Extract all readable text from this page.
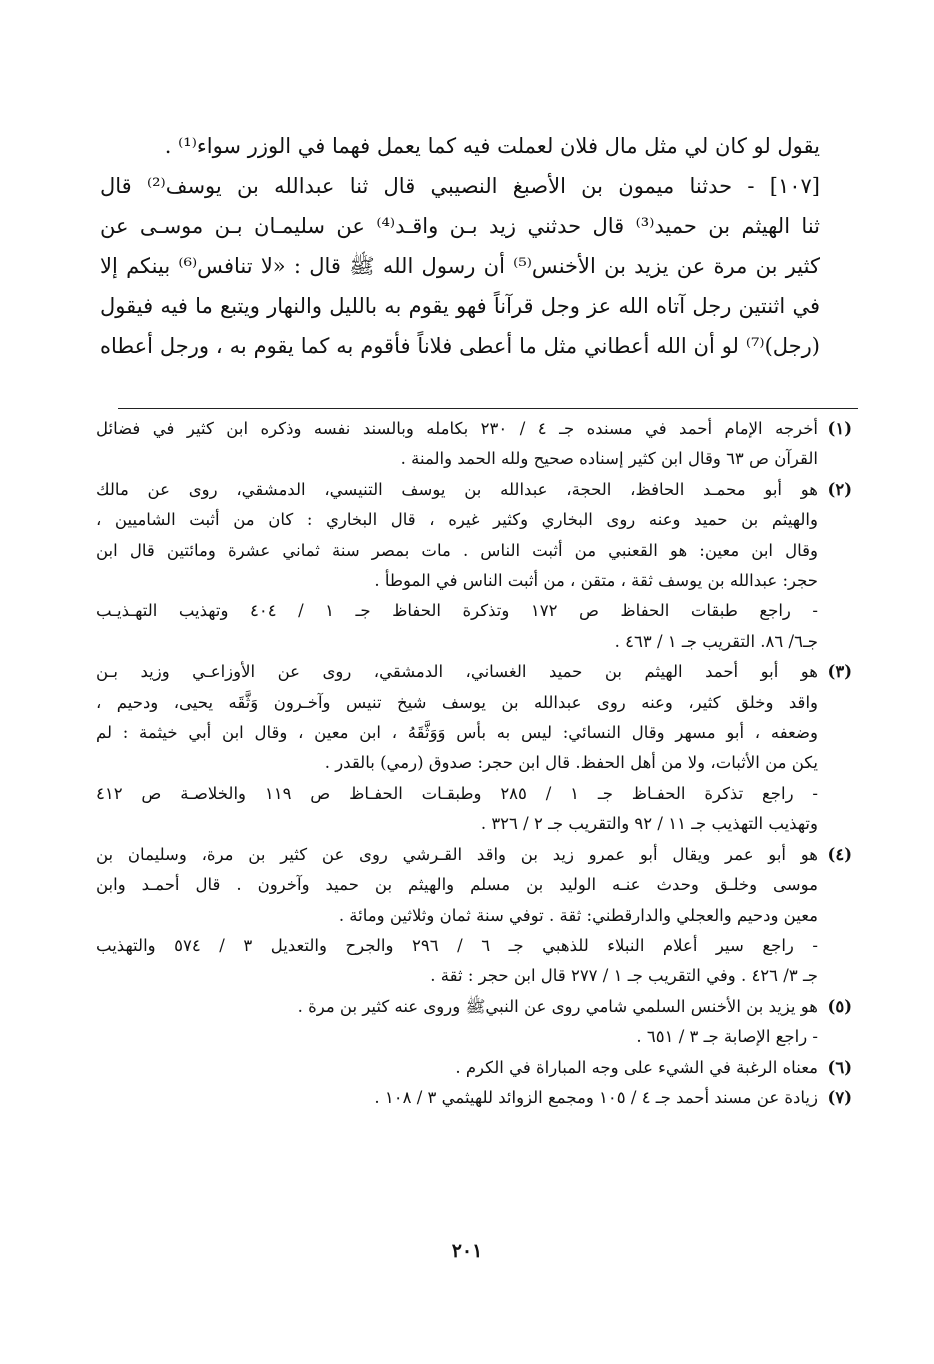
يقول لو كان لي مثل مال فلان لعملت فيه كما يعمل فهما في الوزر سواء⁽¹⁾ .
[١٠٧] - حدثنا ميمون بن الأصبغ النصيبي قال ثنا عبدالله بن يوسف⁽²⁾ قال
ثنا الهيثم بن حميد⁽³⁾ قال حدثني زيد بـن واقـد⁽⁴⁾ عن سليمـان بـن موسـى عن
كثير بن مرة عن يزيد بن الأخنس⁽⁵⁾ أن رسول الله ﷺ قال : «لا تنافس⁽⁶⁾ بينكم إلا
في اثنتين رجل آتاه الله عز وجل قرآناً فهو يقوم به بالليل والنهار ويتبع ما فيه فيقول
(رجل)⁽⁷⁾ لو أن الله أعطاني مثل ما أعطى فلاناً فأقوم به كما يقوم به ، ورجل أعطاه
(١)
أخرجه الإمام أحمد في مسنده جـ ٤ / ٢٣٠ بكامله وبالسند نفسه وذكره ابن كثير في فضائل
القرآن ص ٦٣ وقال ابن كثير إسناده صحيح ولله الحمد والمنة .
(٢)
هو أبو محمـد الحافظ، الحجة، عبدالله بن يوسف التنيسي، الدمشقي، روى عن مالك
والهيثم بن حميد وعنه روى البخاري وكثير غيره ، قال البخاري : كان من أثبت الشاميين ،
وقال ابن معين: هو القعنبي من أثبت الناس . مات بمصر سنة ثماني عشرة ومائتين قال ابن
حجر: عبدالله بن يوسف ثقة ، متقن ، من أثبت الناس في الموطأ .
- راجع طبقات الحفاظ ص ١٧٢ وتذكرة الحفاظ جـ ١ / ٤٠٤ وتهذيب التهـذيـب
جـ٦/ ٨٦. التقريب جـ ١ / ٤٦٣ .
(٣)
هو أبو أحمد الهيثم بن حميد الغساني، الدمشقي، روى عن الأوزاعـي وزيد بـن
واقد وخلق كثير، وعنه روى عبدالله بن يوسف شيخ تنيس وآخـرون وَثَّقَه يحيى، ودحيم ،
وضعفه ، أبو مسهر وقال النسائي: ليس به بأس وَوَثَّقَهُ ، ابن معين ، وقال ابن أبي خيثمة : لم
يكن من الأثبات، ولا من أهل الحفظ. قال ابن حجر: صدوق (رمي) بالقدر .
- راجع تذكرة الحفـاظ جـ ١ / ٢٨٥ وطبقـات الحفـاظ ص ١١٩ والخلاصـة ص ٤١٢
وتهذيب التهذيب جـ ١١ / ٩٢ والتقريب جـ ٢ / ٣٢٦ .
(٤)
هو أبو عمر ويقال أبو عمرو زيد بن واقد القـرشي روى عن كثير بن مرة، وسليمان بن
موسى وخلـق وحدث عنـه الوليد بن مسلم والهيثم بن حميد وآخرون . قال أحمـد وابن
معين ودحيم والعجلي والدارقطني: ثقة . توفي سنة ثمان وثلاثين ومائة .
- راجع سير أعلام النبلاء للذهبي جـ ٦ / ٢٩٦ والجرح والتعديل ٣ / ٥٧٤ والتهذيب
جـ ٣/ ٤٢٦ . وفي التقريب جـ ١ / ٢٧٧ قال ابن حجر : ثقة .
(٥)
هو يزيد بن الأخنس السلمي شامي روى عن النبيﷺ وروى عنه كثير بن مرة .
- راجع الإصابة جـ ٣ / ٦٥١ .
(٦)
معناه الرغبة في الشيء على وجه المباراة في الكرم .
(٧)
زيادة عن مسند أحمد جـ ٤ / ١٠٥ ومجمع الزوائد للهيثمي ٣ / ١٠٨ .
٢٠١
